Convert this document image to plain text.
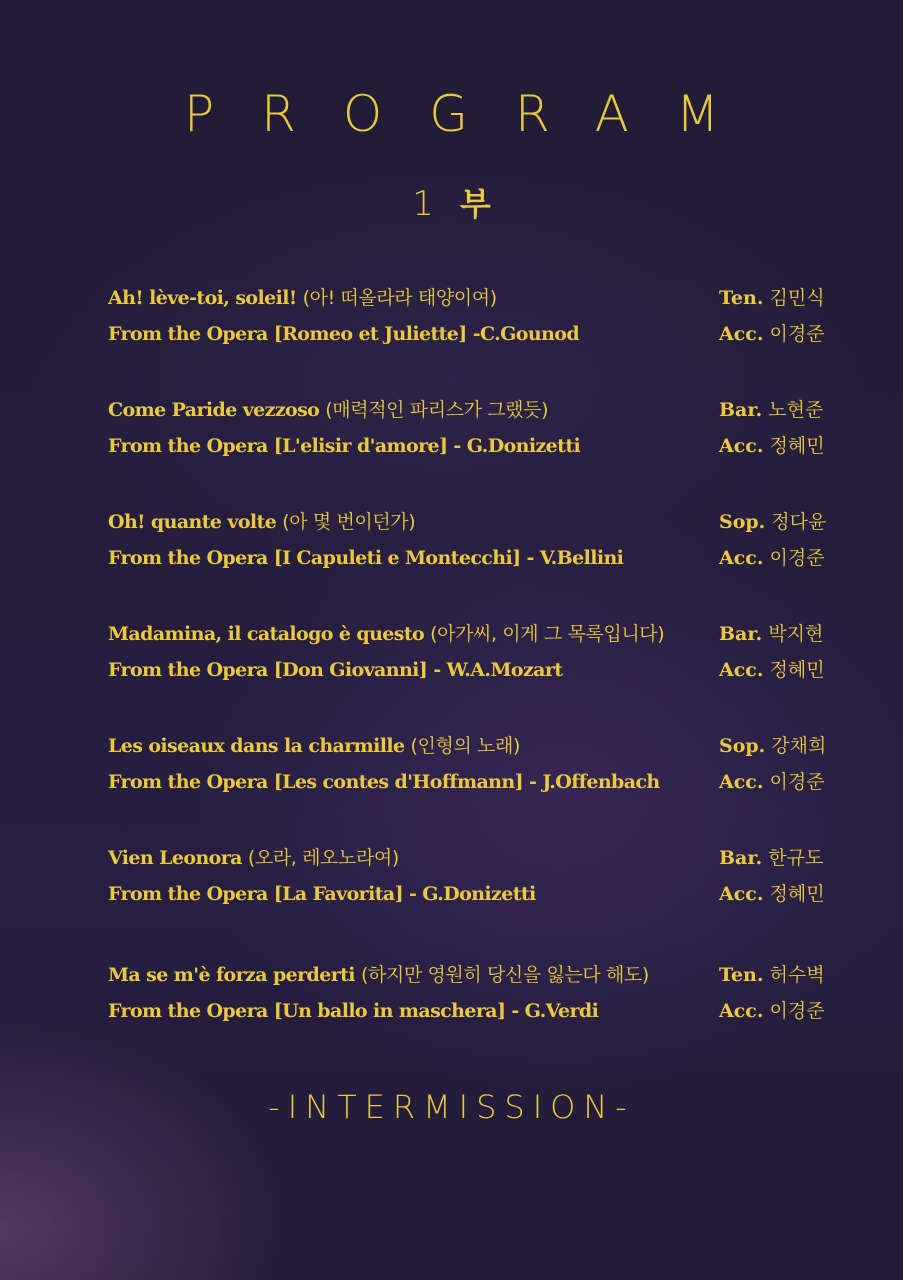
PROGRAM
1 부
Ah! lève-toi, soleil! (아! 떠올라라 태양이여)	Ten. 김민식
From the Opera [Romeo et Juliette] -C.Gounod	Acc. 이경준
Come Paride vezzoso (매력적인 파리스가 그랬듯)	Bar. 노현준
From the Opera [L'elisir d'amore] - G.Donizetti	Acc. 정혜민
Oh! quante volte (아 몇 번이던가)	Sop. 정다윤
From the Opera [I Capuleti e Montecchi] - V.Bellini	Acc. 이경준
Madamina, il catalogo è questo (아가씨, 이게 그 목록입니다)	Bar. 박지현
From the Opera [Don Giovanni] - W.A.Mozart	Acc. 정혜민
Les oiseaux dans la charmille (인형의 노래)	Sop. 강채희
From the Opera [Les contes d'Hoffmann] - J.Offenbach	Acc. 이경준
Vien Leonora (오라, 레오노라여)	Bar. 한규도
From the Opera [La Favorita] - G.Donizetti	Acc. 정혜민
Ma se m'è forza perderti (하지만 영원히 당신을 잃는다 해도)	Ten. 허수벽
From the Opera [Un ballo in maschera] - G.Verdi	Acc. 이경준
-INTERMISSION-
